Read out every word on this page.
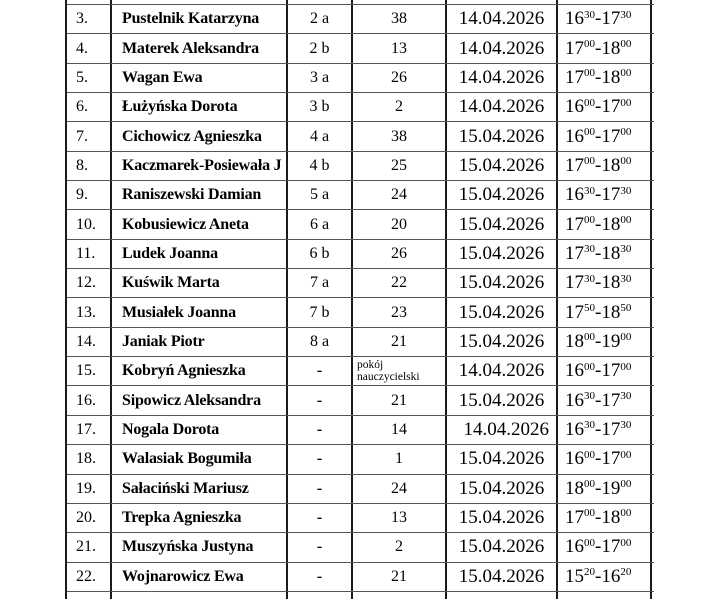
3.	Pustelnik Katarzyna	2 a	38	14.04.2026	$16^{30} - 17^{30}$
4.	Materek Aleksandra	2 b	13	14.04.2026	$17^{00} - 18^{00}$
5.	Wagan Ewa	3 a	26	14.04.2026	$17^{00} - 18^{00}$
6.	Łużyńska Dorota	3 b	2	14.04.2026	$16^{00} - 17^{00}$
7.	Cichowicz Agnieszka	4 a	38	15.04.2026	$16^{00} - 17^{00}$
8.	Kaczmarek-Posiewała J	4 b	25	15.04.2026	$17^{00} - 18^{00}$
9.	Raniszewski Damian	5 a	24	15.04.2026	$16^{30} - 17^{30}$
10.	Kobusiewicz Aneta	6 a	20	15.04.2026	$17^{00} - 18^{00}$
11.	Ludek Joanna	6 b	26	15.04.2026	$17^{30} - 18^{30}$
12.	Kuświk Marta	7 a	22	15.04.2026	$17^{30} - 18^{30}$
13.	Musiałek Joanna	7 b	23	15.04.2026	$17^{50} - 18^{50}$
14.	Janiak Piotr	8 a	21	15.04.2026	$18^{00} - 19^{00}$
15.	Kobryń Agnieszka	-	pokój nauczycielski	14.04.2026	$16^{00} - 17^{00}$
16.	Sipowicz Aleksandra	-	21	15.04.2026	$16^{30} - 17^{30}$
17.	Nogala Dorota	-	14	14.04.2026 $16^{30} - 17^{30}$
18.	Walasiak Bogumiła	-	1	15.04.2026	$16^{00} - 17^{00}$
19.	Sałaciński Mariusz	-	24	15.04.2026	$18^{00} - 19^{00}$
20.	Trepka Agnieszka	-	13	15.04.2026	$17^{00} - 18^{00}$
21.	Muszyńska Justyna	-	2	15.04.2026	$16^{00} - 17^{00}$
22.	Wojnarowicz Ewa	-	21	15.04.2026	$15^{20} - 16^{20}$
